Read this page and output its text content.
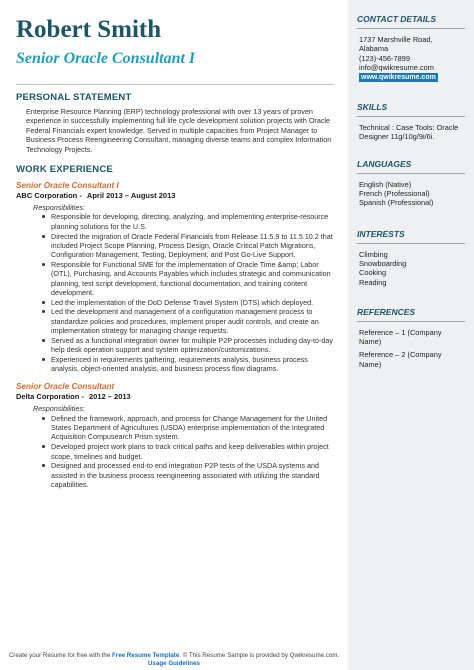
Robert Smith
Senior Oracle Consultant I
PERSONAL STATEMENT
Enterprise Resource Planning (ERP) technology professional with over 13 years of proven experience in successfully implementing full life cycle development solution projects with Oracle Federal Financials expert knowledge. Served in multiple capacities from Project Manager to Business Process Reengineering Consultant, managing diverse teams and complex Information Technology Projects.
WORK EXPERIENCE
Senior Oracle Consultant I
ABC Corporation - April 2013 – August 2013
Responsibilities:
Responsible for developing, directing, analyzing, and implementing enterprise-resource planning solutions for the U.S.
Directed the migration of Oracle Federal Financials from Release 11.5.9 to 11.5.10.2 that included Project Scope Planning, Process Design, Oracle Critical Patch Migrations, Configuration Management, Testing, Deployment, and Post Go-Live Support.
Responsible for Functional SME for the implementation of Oracle Time &amp; Labor (OTL), Purchasing, and Accounts Payables which includes strategic and communication planning, test script development, functional documentation, and training content development.
Led the implementation of the DoD Defense Travel System (DTS) which deployed.
Led the development and management of a configuration management process to standardize policies and procedures, implement proper audit controls, and create an implementation strategy for managing change requests.
Served as a functional integration owner for multiple P2P processes including day-to-day help desk operation support and system optimization/customizations.
Experienced in requirements gathering, requirements analysis, business process analysis, object-oriented analysis, and business process flow diagrams.
Senior Oracle Consultant
Delta Corporation - 2012 – 2013
Responsibilities:
Defined the framework, approach, and process for Change Management for the United States Department of Agricultures (USDA) enterprise implementation of the Integrated Acquisition Compusearch Prism system.
Developed project work plans to track critical paths and keep deliverables within project scope, timelines and budget.
Designed and processed end-to end integration P2P tests of the USDA systems and assisted in the business process reengineering associated with utilizing the standard capabilities.
Create your Resume for free with the Free Resume Template. © This Resume Sample is provided by Qwikresume.com. Usage Guidelines
CONTACT DETAILS
1737 Marshville Road,
Alabama
(123)-456-7899
info@qwikresume.com
www.qwikresume.com
SKILLS
Technical : Case Tools: Oracle Designer 11g/10g/9i/6i.
LANGUAGES
English (Native)
French (Professional)
Spanish (Professional)
INTERESTS
Climbing
Snowboarding
Cooking
Reading
REFERENCES
Reference – 1 (Company Name)
Reference – 2 (Company Name)
